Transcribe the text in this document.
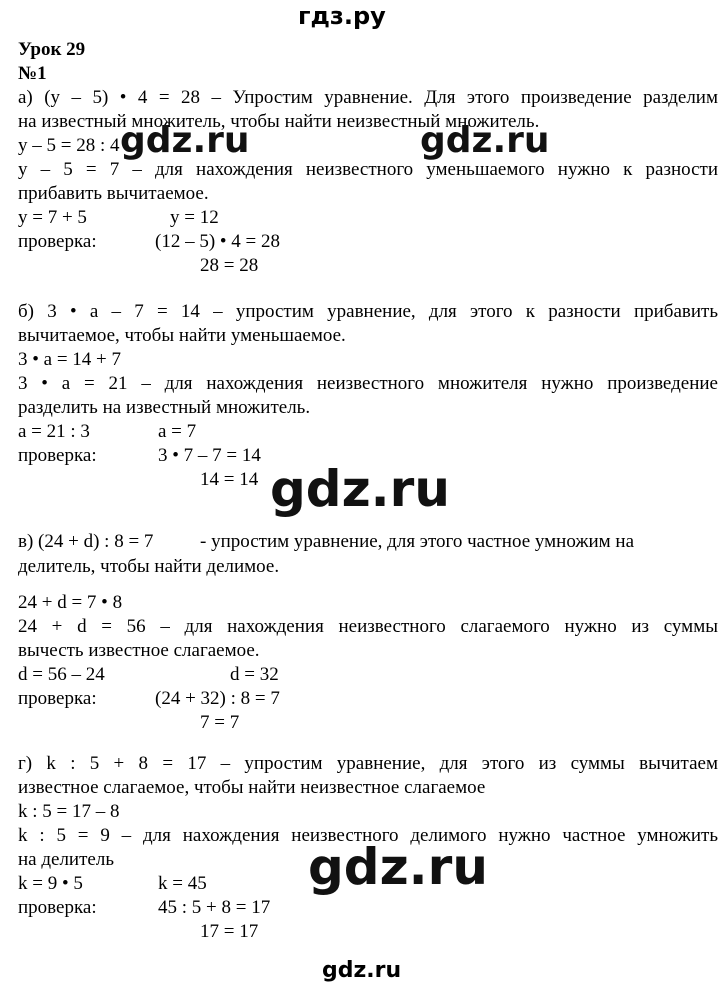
гдз.ру
Урок 29
№1
а) (у – 5) • 4 = 28 – Упростим уравнение. Для этого произведение разделим
на известный множитель, чтобы найти неизвестный множитель.
у – 5 = 28 : 4
у – 5 = 7 – для нахождения неизвестного уменьшаемого нужно к разности
прибавить вычитаемое.
у = 7 + 5	у = 12
проверка:	(12 – 5) • 4 = 28
28 = 28
б) 3 • а – 7 = 14 – упростим уравнение, для этого к разности прибавить
вычитаемое, чтобы найти уменьшаемое.
3 • а = 14 + 7
3 • а = 21 – для нахождения неизвестного множителя нужно произведение
разделить на известный множитель.
а = 21 : 3	а = 7
проверка:	3 • 7 – 7 = 14
14 = 14
в) (24 + d) : 8 = 7 - упростим уравнение, для этого частное умножим на
делитель, чтобы найти делимое.
24 + d = 7 • 8
24 + d = 56 – для нахождения неизвестного слагаемого нужно из суммы
вычесть известное слагаемое.
d = 56 – 24	d = 32
проверка:	(24 + 32) : 8 = 7
7 = 7
г) k : 5 + 8 = 17 – упростим уравнение, для этого из суммы вычитаем
известное слагаемое, чтобы найти неизвестное слагаемое
k : 5 = 17 – 8
k : 5 = 9 – для нахождения неизвестного делимого нужно частное умножить
на делитель
k = 9 • 5	k = 45
проверка:	45 : 5 + 8 = 17
17 = 17
gdz.ru	gdz.ru
gdz.ru
gdz.ru
gdz.ru
